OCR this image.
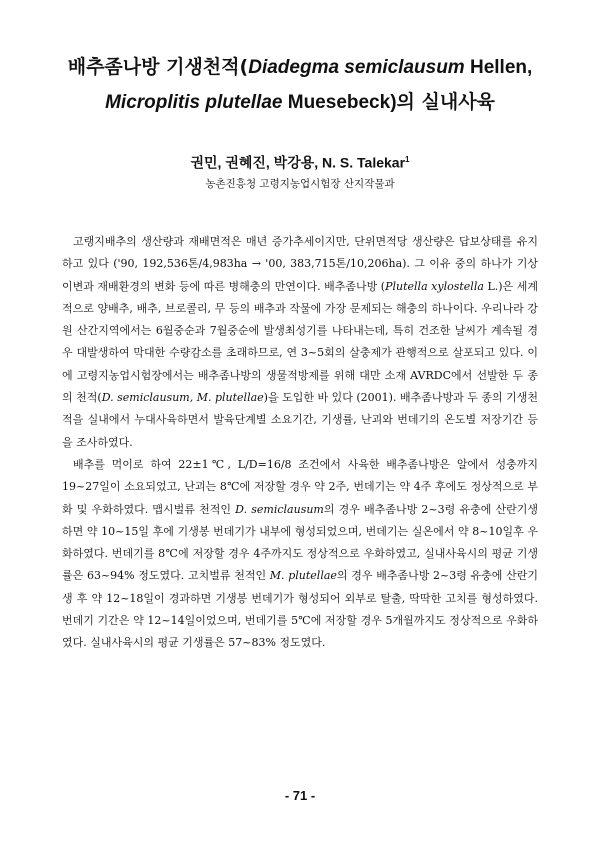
배추좀나방 기생천적(Diadegma semiclausum Hellen,
Microplitis plutellae Muesebeck)의 실내사육
권민, 권혜진, 박강용, N. S. Talekar$^1$
농촌진흥청 고령지농업시험장 산지작물과

고랭지배추의 생산량과 재배면적은 매년 증가추세이지만, 단위면적당 생산량은 답보상태를 유지하고 있다 ('90, 192,536톤/4,983ha → '00, 383,715톤/10,206ha). 그 이유 중의 하나가 기상이변과 재배환경의 변화 등에 따른 병해충의 만연이다. 배추좀나방 (Plutella xylostella L.)은 세계적으로 양배추, 배추, 브로콜리, 무 등의 배추과 작물에 가장 문제되는 해충의 하나이다. 우리나라 강원 산간지역에서는 6월중순과 7월중순에 발생최성기를 나타내는데, 특히 건조한 날씨가 계속될 경우 대발생하여 막대한 수량감소를 초래하므로, 연 3~5회의 살충제가 관행적으로 살포되고 있다. 이에 고령지농업시험장에서는 배추좀나방의 생물적방제를 위해 대만 소재 AVRDC에서 선발한 두 종의 천적(D. semiclausum, M. plutellae)을 도입한 바 있다 (2001). 배추좀나방과 두 종의 기생천적을 실내에서 누대사육하면서 발육단계별 소요기간, 기생률, 난괴와 번데기의 온도별 저장기간 등을 조사하였다.

배추를 먹이로 하여 22±1℃, L/D=16/8 조건에서 사육한 배추좀나방은 알에서 성충까지 19~27일이 소요되었고, 난괴는 8℃에 저장할 경우 약 2주, 번데기는 약 4주 후에도 정상적으로 부화 및 우화하였다. 맵시벌류 천적인 D. semiclausum의 경우 배추좀나방 2~3령 유충에 산란기생하면 약 10~15일 후에 기생봉 번데기가 내부에 형성되었으며, 번데기는 실온에서 약 8~10일후 우화하였다. 번데기를 8℃에 저장할 경우 4주까지도 정상적으로 우화하였고, 실내사육시의 평균 기생률은 63~94% 정도였다. 고치벌류 천적인 M. plutellae의 경우 배추좀나방 2~3령 유충에 산란기생 후 약 12~18일이 경과하면 기생봉 번데기가 형성되어 외부로 탈출, 딱딱한 고치를 형성하였다. 번데기 기간은 약 12~14일이었으며, 번데기를 5℃에 저장할 경우 5개월까지도 정상적으로 우화하였다. 실내사육시의 평균 기생률은 57~83% 정도였다.

- 71 -
